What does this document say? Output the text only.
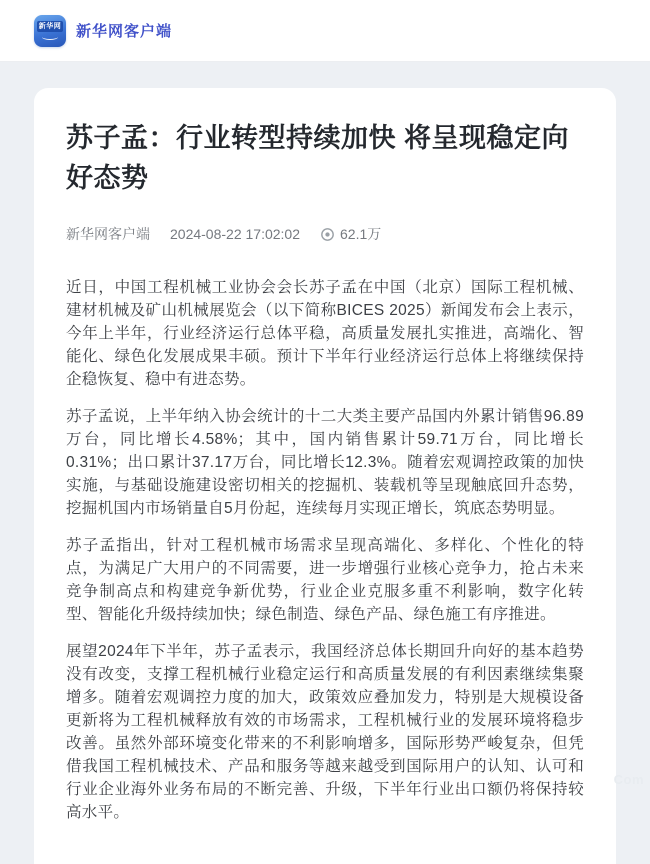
新华网 新华网客户端
苏子孟：行业转型持续加快 将呈现稳定向好态势
新华网客户端 2024-08-22 17:02:02	62.1万

近日，中国工程机械工业协会会长苏子孟在中国（北京）国际工程机械、建材机械及矿山机械展览会（以下简称BICES 2025）新闻发布会上表示，今年上半年，行业经济运行总体平稳，高质量发展扎实推进，高端化、智能化、绿色化发展成果丰硕。预计下半年行业经济运行总体上将继续保持企稳恢复、稳中有进态势。

苏子孟说，上半年纳入协会统计的十二大类主要产品国内外累计销售96.89万台，同比增长4.58%；其中，国内销售累计59.71万台，同比增长0.31%；出口累计37.17万台，同比增长12.3%。随着宏观调控政策的加快实施，与基础设施建设密切相关的挖掘机、装载机等呈现触底回升态势，挖掘机国内市场销量自5月份起，连续每月实现正增长，筑底态势明显。

苏子孟指出，针对工程机械市场需求呈现高端化、多样化、个性化的特点，为满足广大用户的不同需要，进一步增强行业核心竞争力，抢占未来竞争制高点和构建竞争新优势，行业企业克服多重不利影响，数字化转型、智能化升级持续加快；绿色制造、绿色产品、绿色施工有序推进。

展望2024年下半年，苏子孟表示，我国经济总体长期回升向好的基本趋势没有改变，支撑工程机械行业稳定运行和高质量发展的有利因素继续集聚增多。随着宏观调控力度的加大，政策效应叠加发力，特别是大规模设备更新将为工程机械释放有效的市场需求，工程机械行业的发展环境将稳步改善。虽然外部环境变化带来的不利影响增多，国际形势严峻复杂，但凭借我国工程机械技术、产品和服务等越来越受到国际用户的认知、认可和行业企业海外业务布局的不断完善、升级，下半年行业出口额仍将保持较高水平。

Com
